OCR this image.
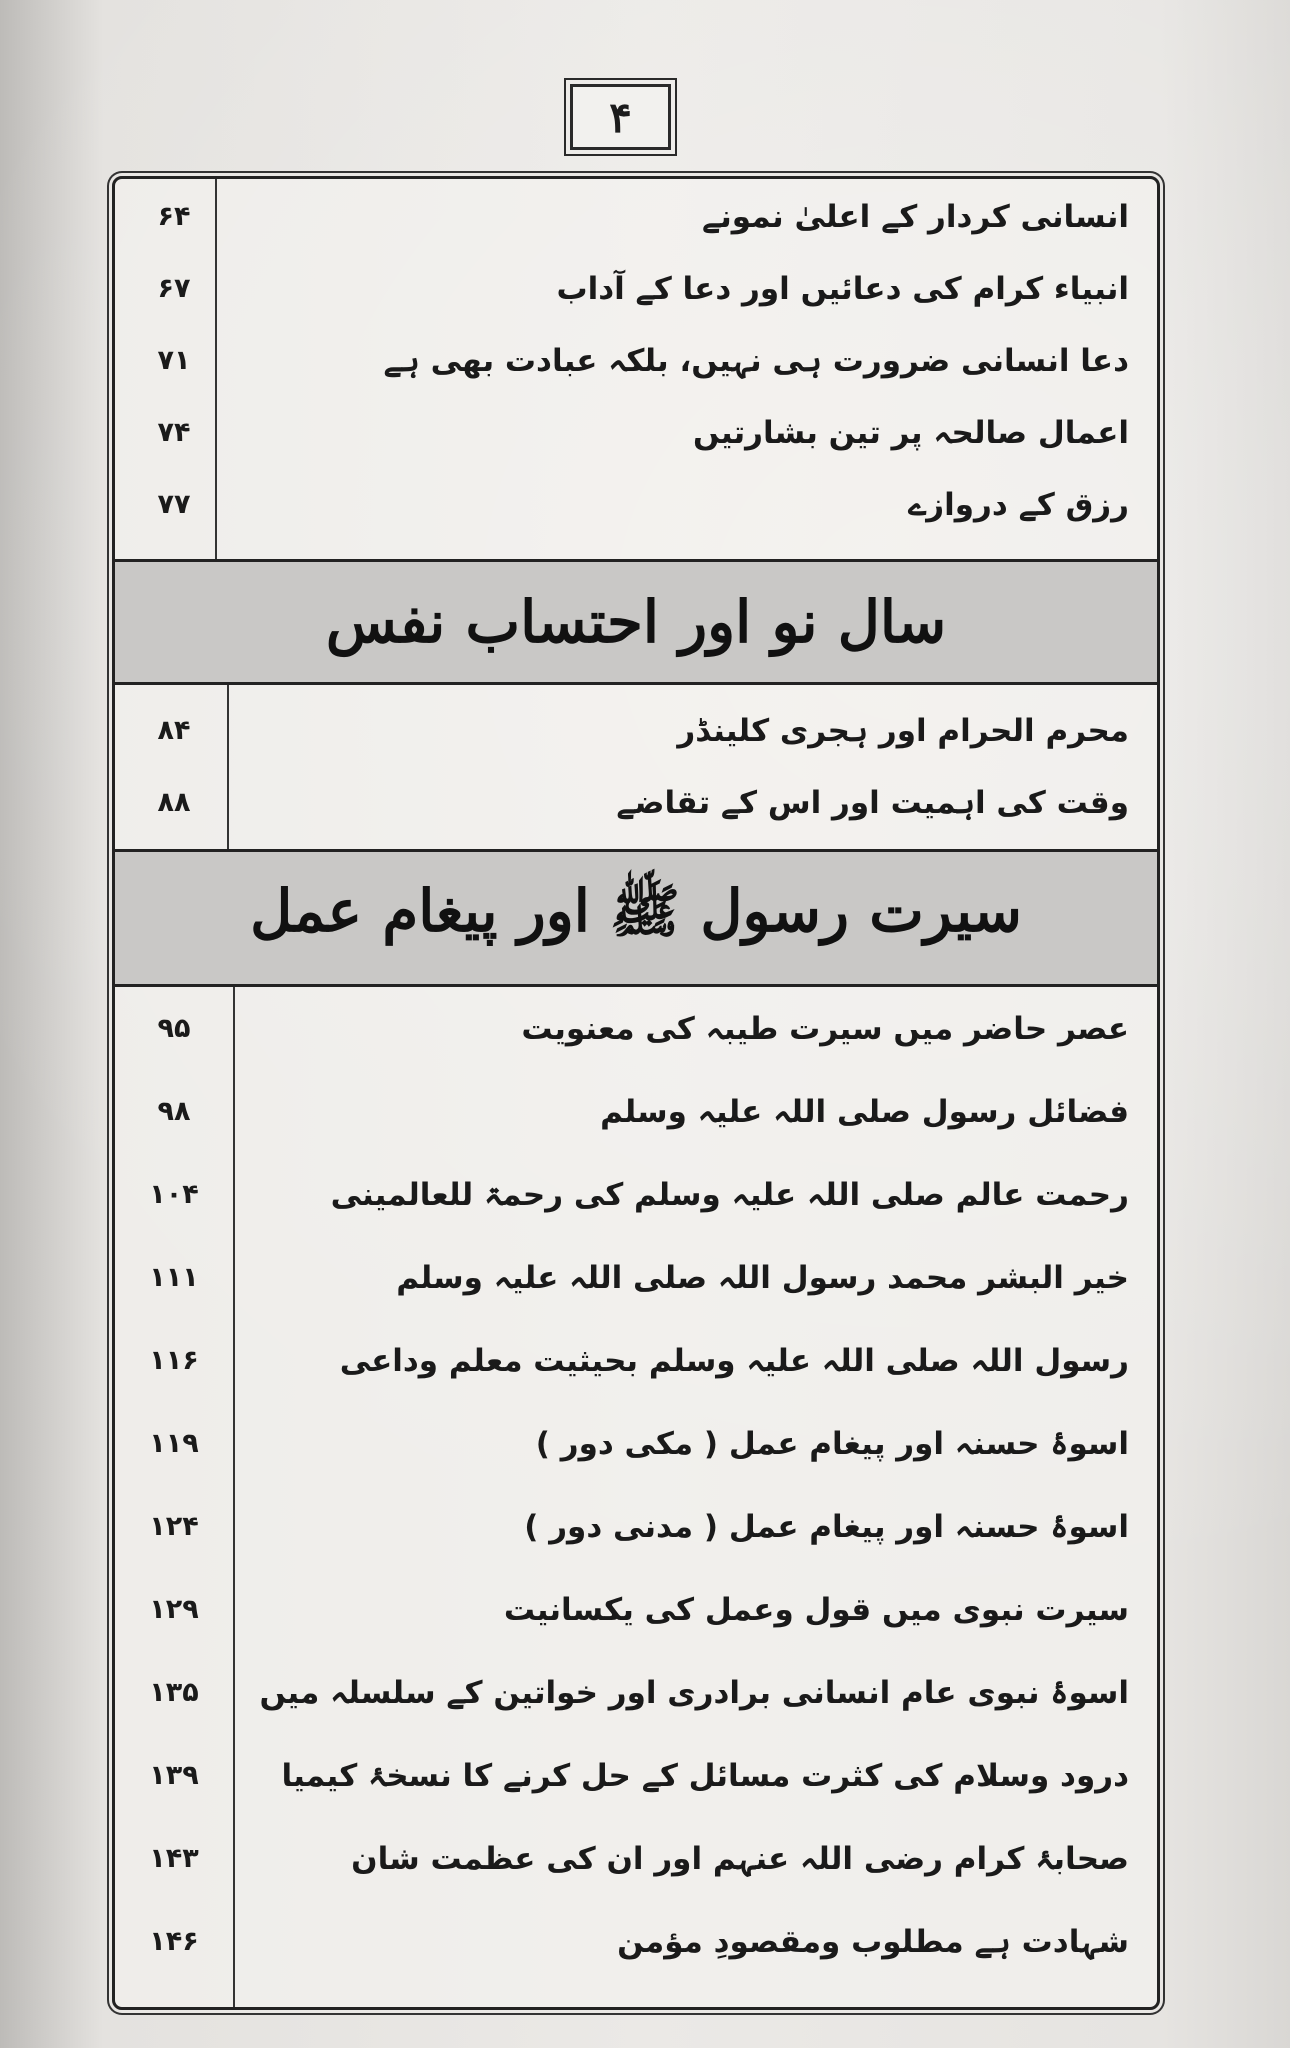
۴
انسانی کردار کے اعلیٰ نمونے
۶۴
انبیاء کرام کی دعائیں اور دعا کے آداب
۶۷
دعا انسانی ضرورت ہی نہیں، بلکہ عبادت بھی ہے
۷۱
اعمال صالحہ پر تین بشارتیں
۷۴
رزق کے دروازے
۷۷
سال نو اور احتساب نفس
محرم الحرام اور ہجری کلینڈر
۸۴
وقت کی اہمیت اور اس کے تقاضے
۸۸
سیرت رسول ﷺ اور پیغام عمل
عصر حاضر میں سیرت طیبہ کی معنویت
۹۵
فضائل رسول صلی اللہ علیہ وسلم
۹۸
رحمت عالم صلی اللہ علیہ وسلم کی رحمۃ للعالمینی
۱۰۴
خیر البشر محمد رسول اللہ صلی اللہ علیہ وسلم
۱۱۱
رسول اللہ صلی اللہ علیہ وسلم بحیثیت معلم وداعی
۱۱۶
اسوۂ حسنہ اور پیغام عمل ( مکی دور )
۱۱۹
اسوۂ حسنہ اور پیغام عمل ( مدنی دور )
۱۲۴
سیرت نبوی میں قول وعمل کی یکسانیت
۱۲۹
اسوۂ نبوی عام انسانی برادری اور خواتین کے سلسلہ میں
۱۳۵
درود وسلام کی کثرت مسائل کے حل کرنے کا نسخۂ کیمیا
۱۳۹
صحابۂ کرام رضی اللہ عنہم اور ان کی عظمت شان
۱۴۳
شہادت ہے مطلوب ومقصودِ مؤمن
۱۴۶
